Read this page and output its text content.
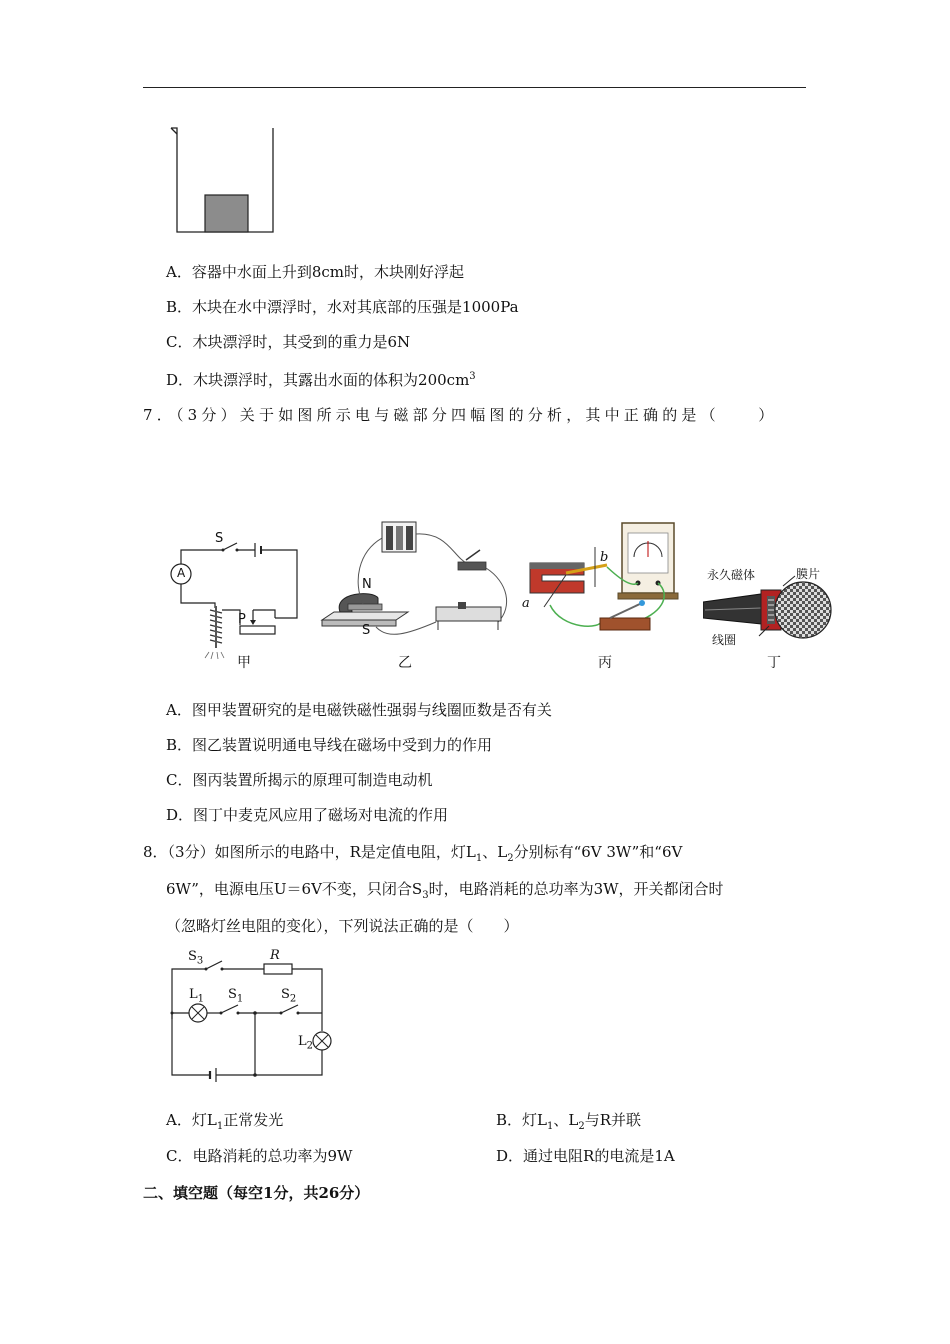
A．容器中水面上升到8cm时，木块刚好浮起
B．木块在水中漂浮时，水对其底部的压强是1000Pa
C．木块漂浮时，其受到的重力是6N
D．木块漂浮时，其露出水面的体积为$200cm^3$
7．（3分）关于如图所示电与磁部分四幅图的分析，其中正确的是（　　）
S
A
P
甲
N
S
乙
a
b
丙
永久磁体	膜片
线圈
丁
A．图甲装置研究的是电磁铁磁性强弱与线圈匝数是否有关
B．图乙装置说明通电导线在磁场中受到力的作用
C．图丙装置所揭示的原理可制造电动机
D．图丁中麦克风应用了磁场对电流的作用
8．（3分）如图所示的电路中，R是定值电阻，灯$L_1$、$L_2$分别标有“6V 3W”和“6V
6W”，电源电压U＝6V不变，只闭合$S_3$时，电路消耗的总功率为3W，开关都闭合时
（忽略灯丝电阻的变化），下列说法正确的是（　　）
$S_3$	R
$L_1$ $S_1$	$S_2$
$L_2$
A．灯$L_1$正常发光	B．灯$L_1$、$L_2$与R并联
C．电路消耗的总功率为9W	D．通过电阻R的电流是1A
二、填空题（每空1分，共26分）
